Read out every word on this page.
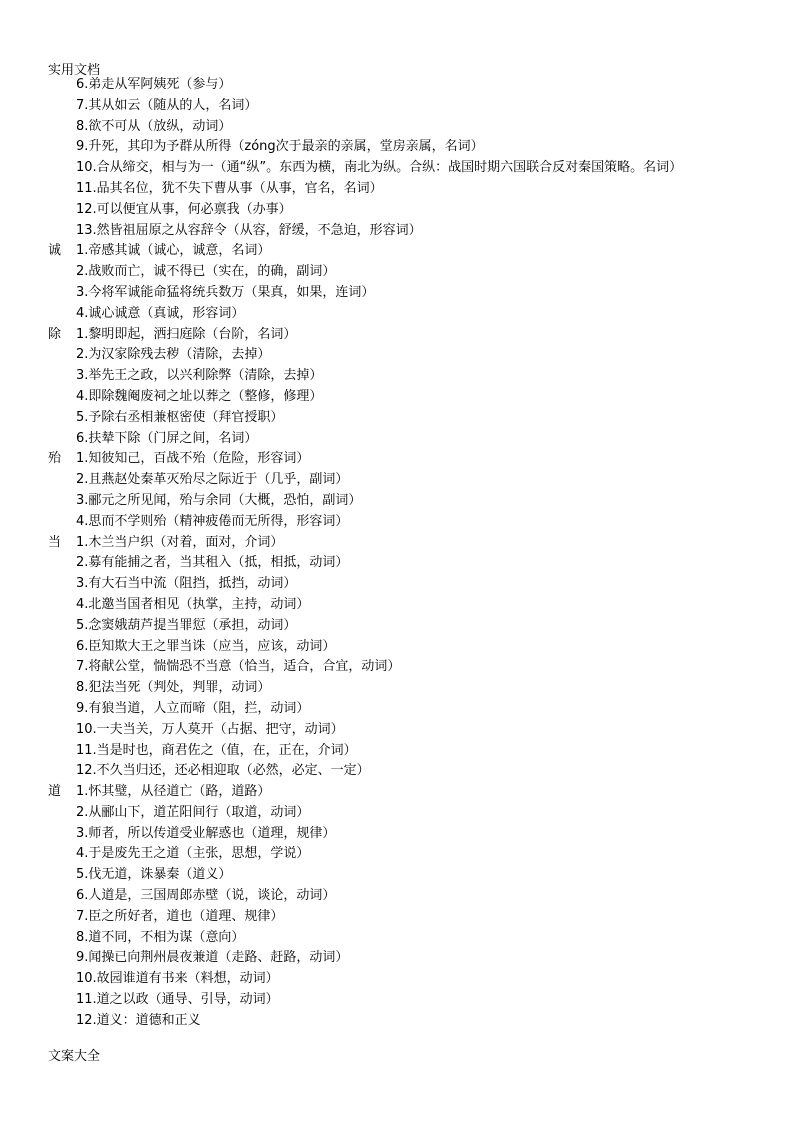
实用文档
6.弟走从军阿姨死（参与）
7.其从如云（随从的人，名词）
8.欲不可从（放纵，动词）
9.升死，其印为予群从所得（zóng次于最亲的亲属，堂房亲属，名词）
10.合从缔交，相与为一（通“纵”。东西为横，南北为纵。合纵：战国时期六国联合反对秦国策略。名词）
11.品其名位，犹不失下曹从事（从事，官名，名词）
12.可以便宜从事，何必禀我（办事）
13.然皆祖屈原之从容辞令（从容，舒缓，不急迫，形容词）
诚	1.帝感其诚（诚心，诚意，名词）
2.战败而亡，诚不得已（实在，的确，副词）
3.今将军诚能命猛将统兵数万（果真，如果，连词）
4.诚心诚意（真诚，形容词）
除	1.黎明即起，洒扫庭除（台阶，名词）
2.为汉家除残去秽（清除，去掉）
3.举先王之政，以兴利除弊（清除，去掉）
4.即除魏阉废祠之址以葬之（整修，修理）
5.予除右丞相兼枢密使（拜官授职）
6.扶辇下除（门屏之间，名词）
殆	1.知彼知己，百战不殆（危险，形容词）
2.且燕赵处秦革灭殆尽之际近于（几乎，副词）
3.郦元之所见闻，殆与余同（大概，恐怕，副词）
4.思而不学则殆（精神疲倦而无所得，形容词）
当	1.木兰当户织（对着，面对，介词）
2.募有能捕之者，当其租入（抵，相抵，动词）
3.有大石当中流（阻挡，抵挡，动词）
4.北邀当国者相见（执掌，主持，动词）
5.念窦娥葫芦提当罪愆（承担，动词）
6.臣知欺大王之罪当诛（应当，应该，动词）
7.将献公堂，惴惴恐不当意（恰当，适合，合宜，动词）
8.犯法当死（判处，判罪，动词）
9.有狼当道，人立而啼（阻，拦，动词）
10.一夫当关，万人莫开（占据、把守，动词）
11.当是时也，商君佐之（值，在，正在，介词）
12.不久当归还，还必相迎取（必然，必定、一定）
道	1.怀其璧，从径道亡（路，道路）
2.从郦山下，道芷阳间行（取道，动词）
3.师者，所以传道受业解惑也（道理，规律）
4.于是废先王之道（主张，思想，学说）
5.伐无道，诛暴秦（道义）
6.人道是，三国周郎赤壁（说，谈论，动词）
7.臣之所好者，道也（道理、规律）
8.道不同，不相为谋（意向）
9.闻操已向荆州晨夜兼道（走路、赶路，动词）
10.故园谁道有书来（料想，动词）
11.道之以政（通导、引导，动词）
12.道义：道德和正义
文案大全
